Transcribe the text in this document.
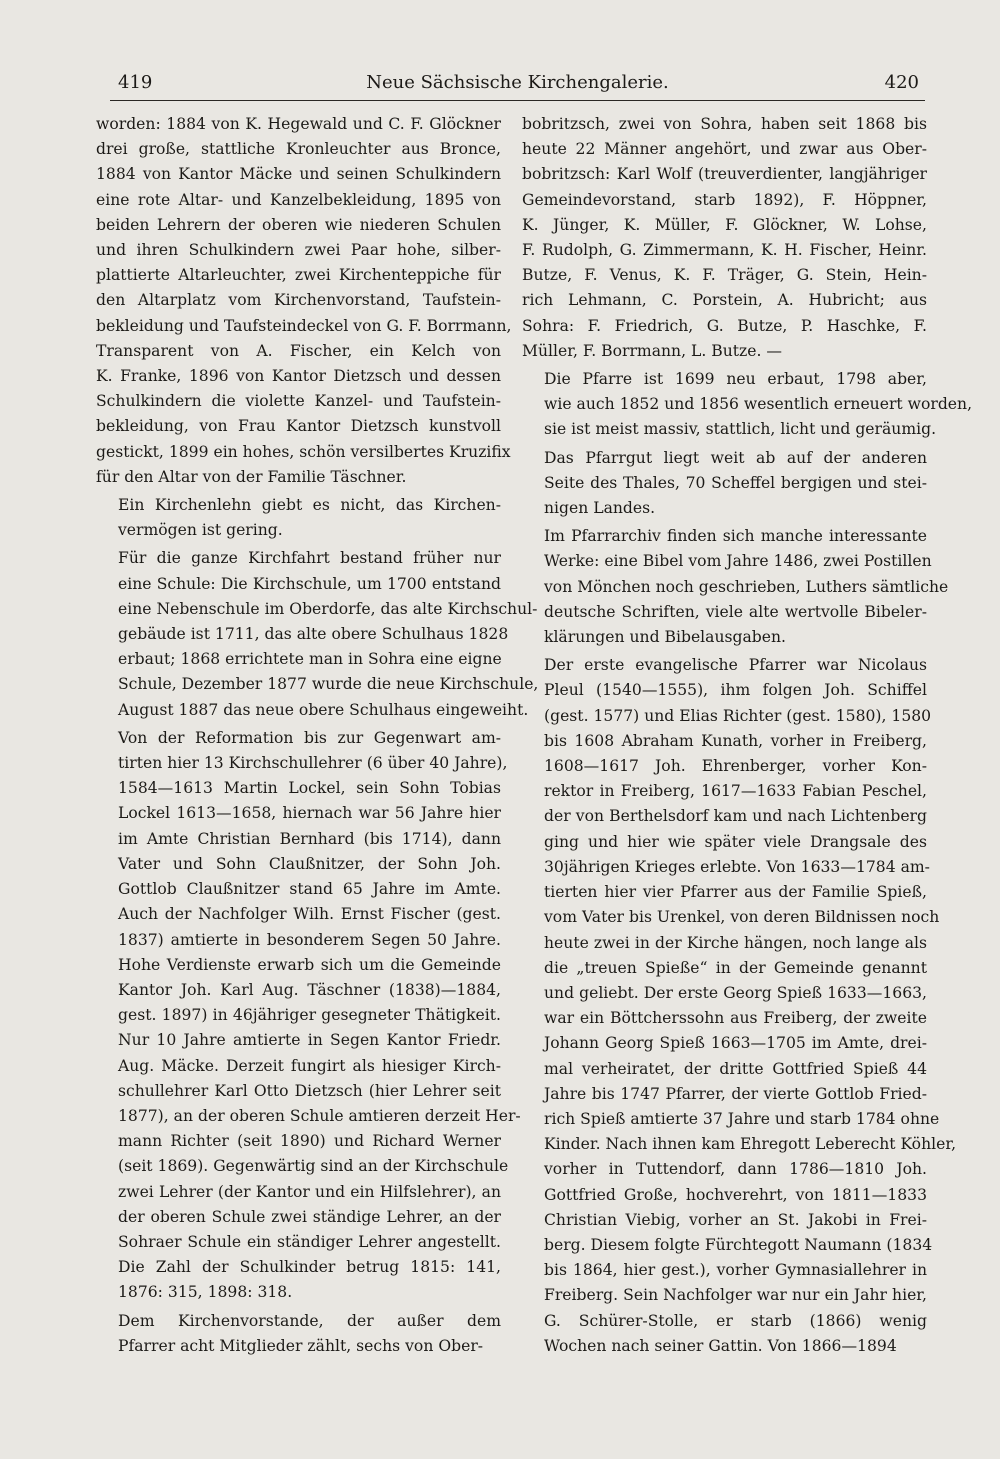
419	Neue Sächsische Kirchengalerie.	420

worden: 1884 von K. Hegewald und C. F. Glöckner
drei große, stattliche Kronleuchter aus Bronce,
1884 von Kantor Mäcke und seinen Schulkindern
eine rote Altar- und Kanzelbekleidung, 1895 von
beiden Lehrern der oberen wie niederen Schulen
und ihren Schulkindern zwei Paar hohe, silber-
plattierte Altarleuchter, zwei Kirchenteppiche für
den Altarplatz vom Kirchenvorstand, Taufstein-
bekleidung und Taufsteindeckel von G. F. Borrmann,
Transparent von A. Fischer, ein Kelch von
K. Franke, 1896 von Kantor Dietzsch und dessen
Schulkindern die violette Kanzel- und Taufstein-
bekleidung, von Frau Kantor Dietzsch kunstvoll
gestickt, 1899 ein hohes, schön versilbertes Kruzifix
für den Altar von der Familie Täschner.

Ein Kirchenlehn giebt es nicht, das Kirchen-
vermögen ist gering.

Für die ganze Kirchfahrt bestand früher nur
eine Schule: Die Kirchschule, um 1700 entstand
eine Nebenschule im Oberdorfe, das alte Kirchschul-
gebäude ist 1711, das alte obere Schulhaus 1828
erbaut; 1868 errichtete man in Sohra eine eigne
Schule, Dezember 1877 wurde die neue Kirchschule,
August 1887 das neue obere Schulhaus eingeweiht.

Von der Reformation bis zur Gegenwart am-
tirten hier 13 Kirchschullehrer (6 über 40 Jahre),
1584—1613 Martin Lockel, sein Sohn Tobias
Lockel 1613—1658, hiernach war 56 Jahre hier
im Amte Christian Bernhard (bis 1714), dann
Vater und Sohn Claußnitzer, der Sohn Joh.
Gottlob Claußnitzer stand 65 Jahre im Amte.
Auch der Nachfolger Wilh. Ernst Fischer (gest.
1837) amtierte in besonderem Segen 50 Jahre.
Hohe Verdienste erwarb sich um die Gemeinde
Kantor Joh. Karl Aug. Täschner (1838)—1884,
gest. 1897) in 46jähriger gesegneter Thätigkeit.
Nur 10 Jahre amtierte in Segen Kantor Friedr.
Aug. Mäcke. Derzeit fungirt als hiesiger Kirch-
schullehrer Karl Otto Dietzsch (hier Lehrer seit
1877), an der oberen Schule amtieren derzeit Her-
mann Richter (seit 1890) und Richard Werner
(seit 1869). Gegenwärtig sind an der Kirchschule
zwei Lehrer (der Kantor und ein Hilfslehrer), an
der oberen Schule zwei ständige Lehrer, an der
Sohraer Schule ein ständiger Lehrer angestellt.
Die Zahl der Schulkinder betrug 1815: 141,
1876: 315, 1898: 318.

Dem Kirchenvorstande, der außer dem
Pfarrer acht Mitglieder zählt, sechs von Ober-

bobritzsch, zwei von Sohra, haben seit 1868 bis
heute 22 Männer angehört, und zwar aus Ober-
bobritzsch: Karl Wolf (treuverdienter, langjähriger
Gemeindevorstand, starb 1892), F. Höppner,
K. Jünger, K. Müller, F. Glöckner, W. Lohse,
F. Rudolph, G. Zimmermann, K. H. Fischer, Heinr.
Butze, F. Venus, K. F. Träger, G. Stein, Hein-
rich Lehmann, C. Porstein, A. Hubricht; aus
Sohra: F. Friedrich, G. Butze, P. Haschke, F.
Müller, F. Borrmann, L. Butze. —

Die Pfarre ist 1699 neu erbaut, 1798 aber,
wie auch 1852 und 1856 wesentlich erneuert worden,
sie ist meist massiv, stattlich, licht und geräumig.

Das Pfarrgut liegt weit ab auf der anderen
Seite des Thales, 70 Scheffel bergigen und stei-
nigen Landes.

Im Pfarrarchiv finden sich manche interessante
Werke: eine Bibel vom Jahre 1486, zwei Postillen
von Mönchen noch geschrieben, Luthers sämtliche
deutsche Schriften, viele alte wertvolle Bibeler-
klärungen und Bibelausgaben.

Der erste evangelische Pfarrer war Nicolaus
Pleul (1540—1555), ihm folgen Joh. Schiffel
(gest. 1577) und Elias Richter (gest. 1580), 1580
bis 1608 Abraham Kunath, vorher in Freiberg,
1608—1617 Joh. Ehrenberger, vorher Kon-
rektor in Freiberg, 1617—1633 Fabian Peschel,
der von Berthelsdorf kam und nach Lichtenberg
ging und hier wie später viele Drangsale des
30jährigen Krieges erlebte. Von 1633—1784 am-
tierten hier vier Pfarrer aus der Familie Spieß,
vom Vater bis Urenkel, von deren Bildnissen noch
heute zwei in der Kirche hängen, noch lange als
die „treuen Spieße“ in der Gemeinde genannt
und geliebt. Der erste Georg Spieß 1633—1663,
war ein Böttcherssohn aus Freiberg, der zweite
Johann Georg Spieß 1663—1705 im Amte, drei-
mal verheiratet, der dritte Gottfried Spieß 44
Jahre bis 1747 Pfarrer, der vierte Gottlob Fried-
rich Spieß amtierte 37 Jahre und starb 1784 ohne
Kinder. Nach ihnen kam Ehregott Leberecht Köhler,
vorher in Tuttendorf, dann 1786—1810 Joh.
Gottfried Große, hochverehrt, von 1811—1833
Christian Viebig, vorher an St. Jakobi in Frei-
berg. Diesem folgte Fürchtegott Naumann (1834
bis 1864, hier gest.), vorher Gymnasiallehrer in
Freiberg. Sein Nachfolger war nur ein Jahr hier,
G. Schürer-Stolle, er starb (1866) wenig
Wochen nach seiner Gattin. Von 1866—1894
